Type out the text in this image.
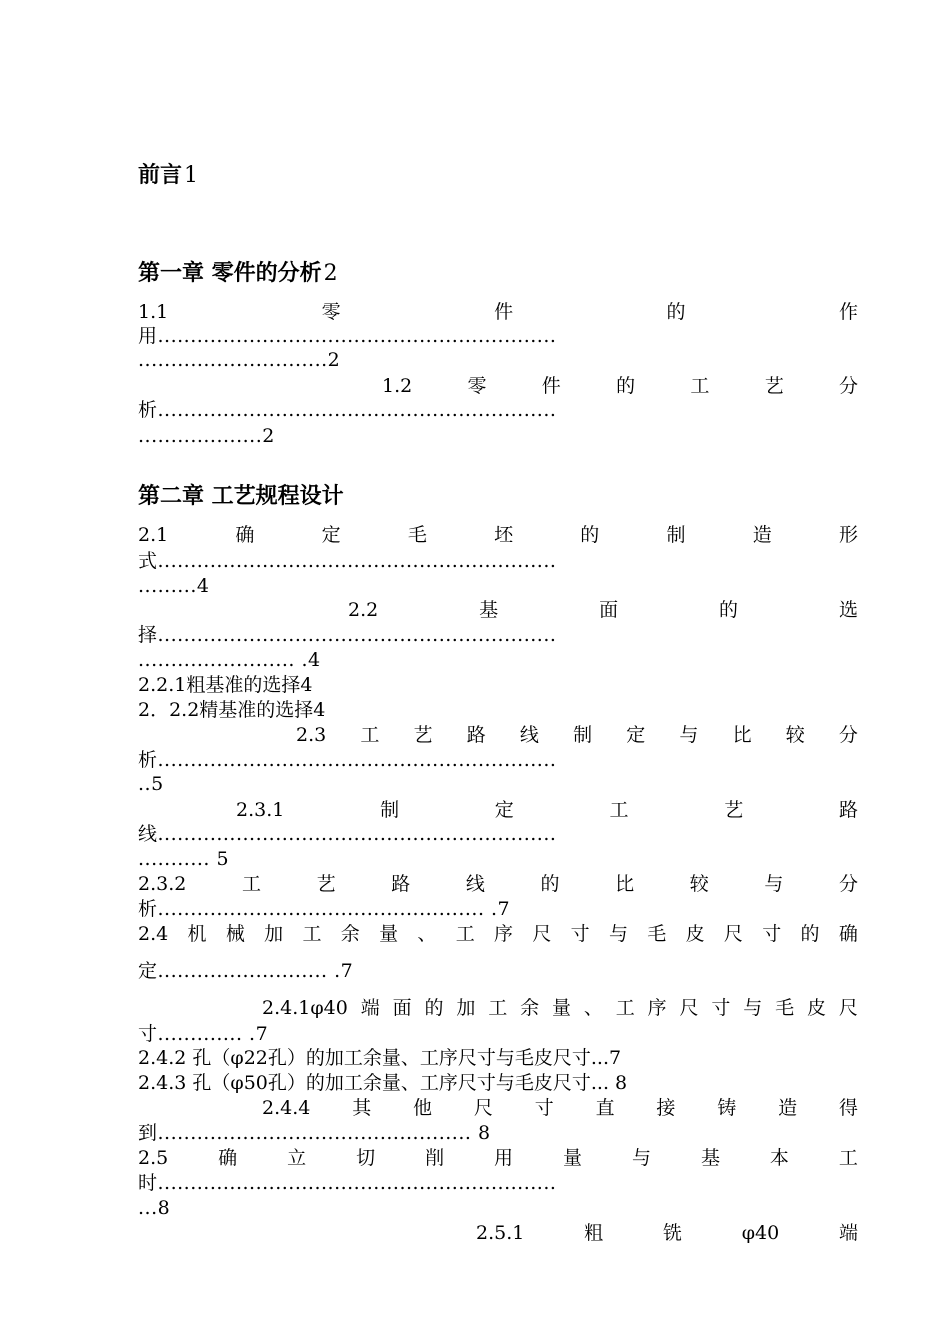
前言1
第一章 零件的分析2
1.1	零	件	的	作
用.............................................................
.............................2
1.2	零	件	的	工	艺	分
析.............................................................
...................2
第二章 工艺规程设计
2.1	确	定	毛	坯	的	制	造	形
式.............................................................
.........4
2.2	基	面	的	选
择.............................................................
........................ .4
2.2.1粗基准的选择4
2．2.2精基准的选择4
2.3 工 艺 路 线 制 定 与 比 较 分
析.............................................................
..5
2.3.1	制	定	工	艺	路
线.............................................................
........... 5
2.3.2	工	艺	路	线	的	比	较	与	分
析.................................................. .7
2.4 机 械 加 工 余 量 、 工 序 尺 寸 与 毛 皮 尺 寸 的 确
定.......................... .7
2.4.1φ40 端 面 的 加 工 余 量 、 工 序 尺 寸 与 毛 皮 尺
寸............. .7
2.4.2 孔（φ22孔）的加工余量、工序尺寸与毛皮尺寸...7
2.4.3 孔（φ50孔）的加工余量、工序尺寸与毛皮尺寸... 8
2.4.4 其 他 尺 寸 直 接 铸 造 得
到................................................ 8
2.5	确	立	切	削	用	量	与	基	本	工
时.............................................................
...8
2.5.1	粗	铣	φ40	端
